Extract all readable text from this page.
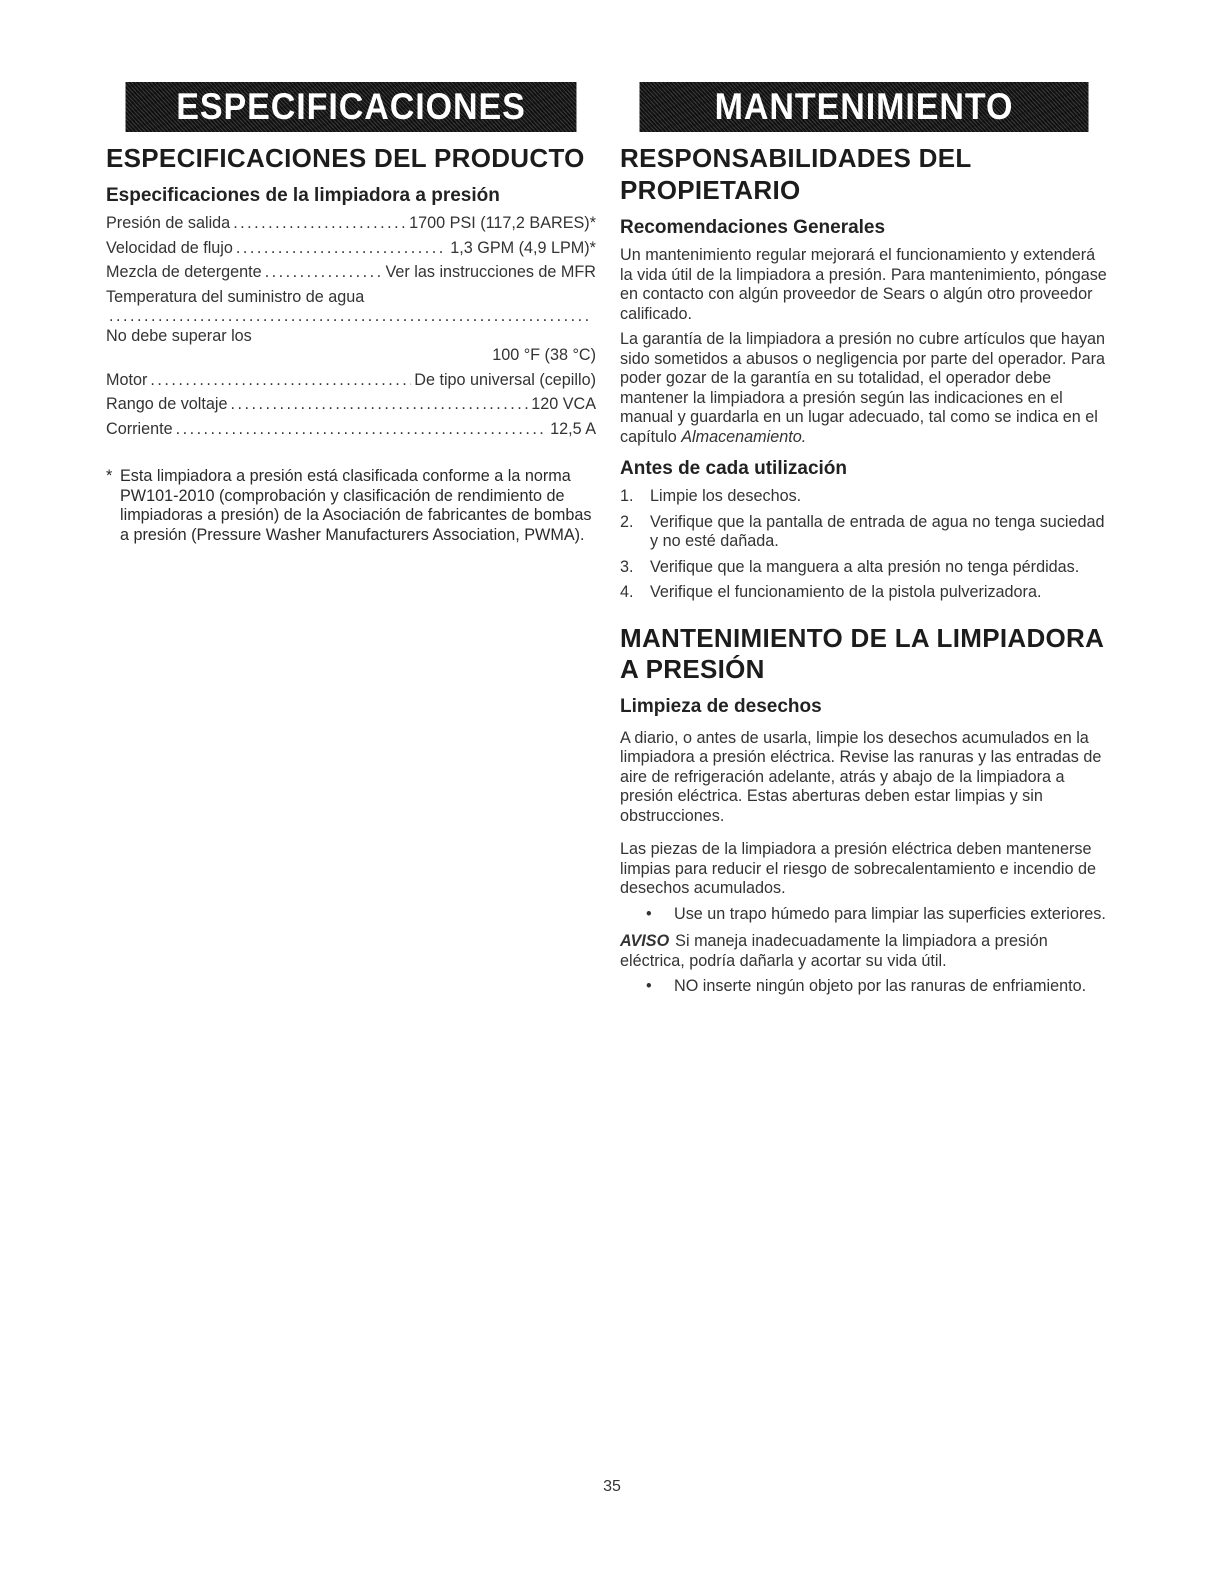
ESPECIFICACIONES
ESPECIFICACIONES DEL PRODUCTO
Especificaciones de la limpiadora a presión
Presión de salida . . .	1700 PSI (117,2 BARES)*
Velocidad de flujo . . .	1,3 GPM (4,9 LPM)*
Mezcla de detergente . . .	Ver las instrucciones de MFR
Temperatura del suministro de agua
. . .
No debe superar los
100 °F (38 °C)
Motor . . .	De tipo universal (cepillo)
Rango de voltaje . . .	120 VCA
Corriente . . .	12,5 A
* Esta limpiadora a presión está clasificada conforme a la norma PW101-2010 (comprobación y clasificación de rendimiento de limpiadoras a presión) de la Asociación de fabricantes de bombas a presión (Pressure Washer Manufacturers Association, PWMA).
MANTENIMIENTO
RESPONSABILIDADES DEL PROPIETARIO
Recomendaciones Generales

Un mantenimiento regular mejorará el funcionamiento y extenderá la vida útil de la limpiadora a presión. Para mantenimiento, póngase en contacto con algún proveedor de Sears o algún otro proveedor calificado.

La garantía de la limpiadora a presión no cubre artículos que hayan sido sometidos a abusos o negligencia por parte del operador. Para poder gozar de la garantía en su totalidad, el operador debe mantener la limpiadora a presión según las indicaciones en el manual y guardarla en un lugar adecuado, tal como se indica en el capítulo Almacenamiento.

Antes de cada utilización
1.	Limpie los desechos.
2.	Verifique que la pantalla de entrada de agua no tenga suciedad y no esté dañada.
3.	Verifique que la manguera a alta presión no tenga pérdidas.
4.	Verifique el funcionamiento de la pistola pulverizadora.
MANTENIMIENTO DE LA LIMPIADORA A PRESIÓN
Limpieza de desechos

A diario, o antes de usarla, limpie los desechos acumulados en la limpiadora a presión eléctrica. Revise las ranuras y las entradas de aire de refrigeración adelante, atrás y abajo de la limpiadora a presión eléctrica. Estas aberturas deben estar limpias y sin obstrucciones.

Las piezas de la limpiadora a presión eléctrica deben mantenerse limpias para reducir el riesgo de sobrecalentamiento e incendio de desechos acumulados.

•	Use un trapo húmedo para limpiar las superficies exteriores.

AVISO Si maneja inadecuadamente la limpiadora a presión eléctrica, podría dañarla y acortar su vida útil.

•	NO inserte ningún objeto por las ranuras de enfriamiento.
35
